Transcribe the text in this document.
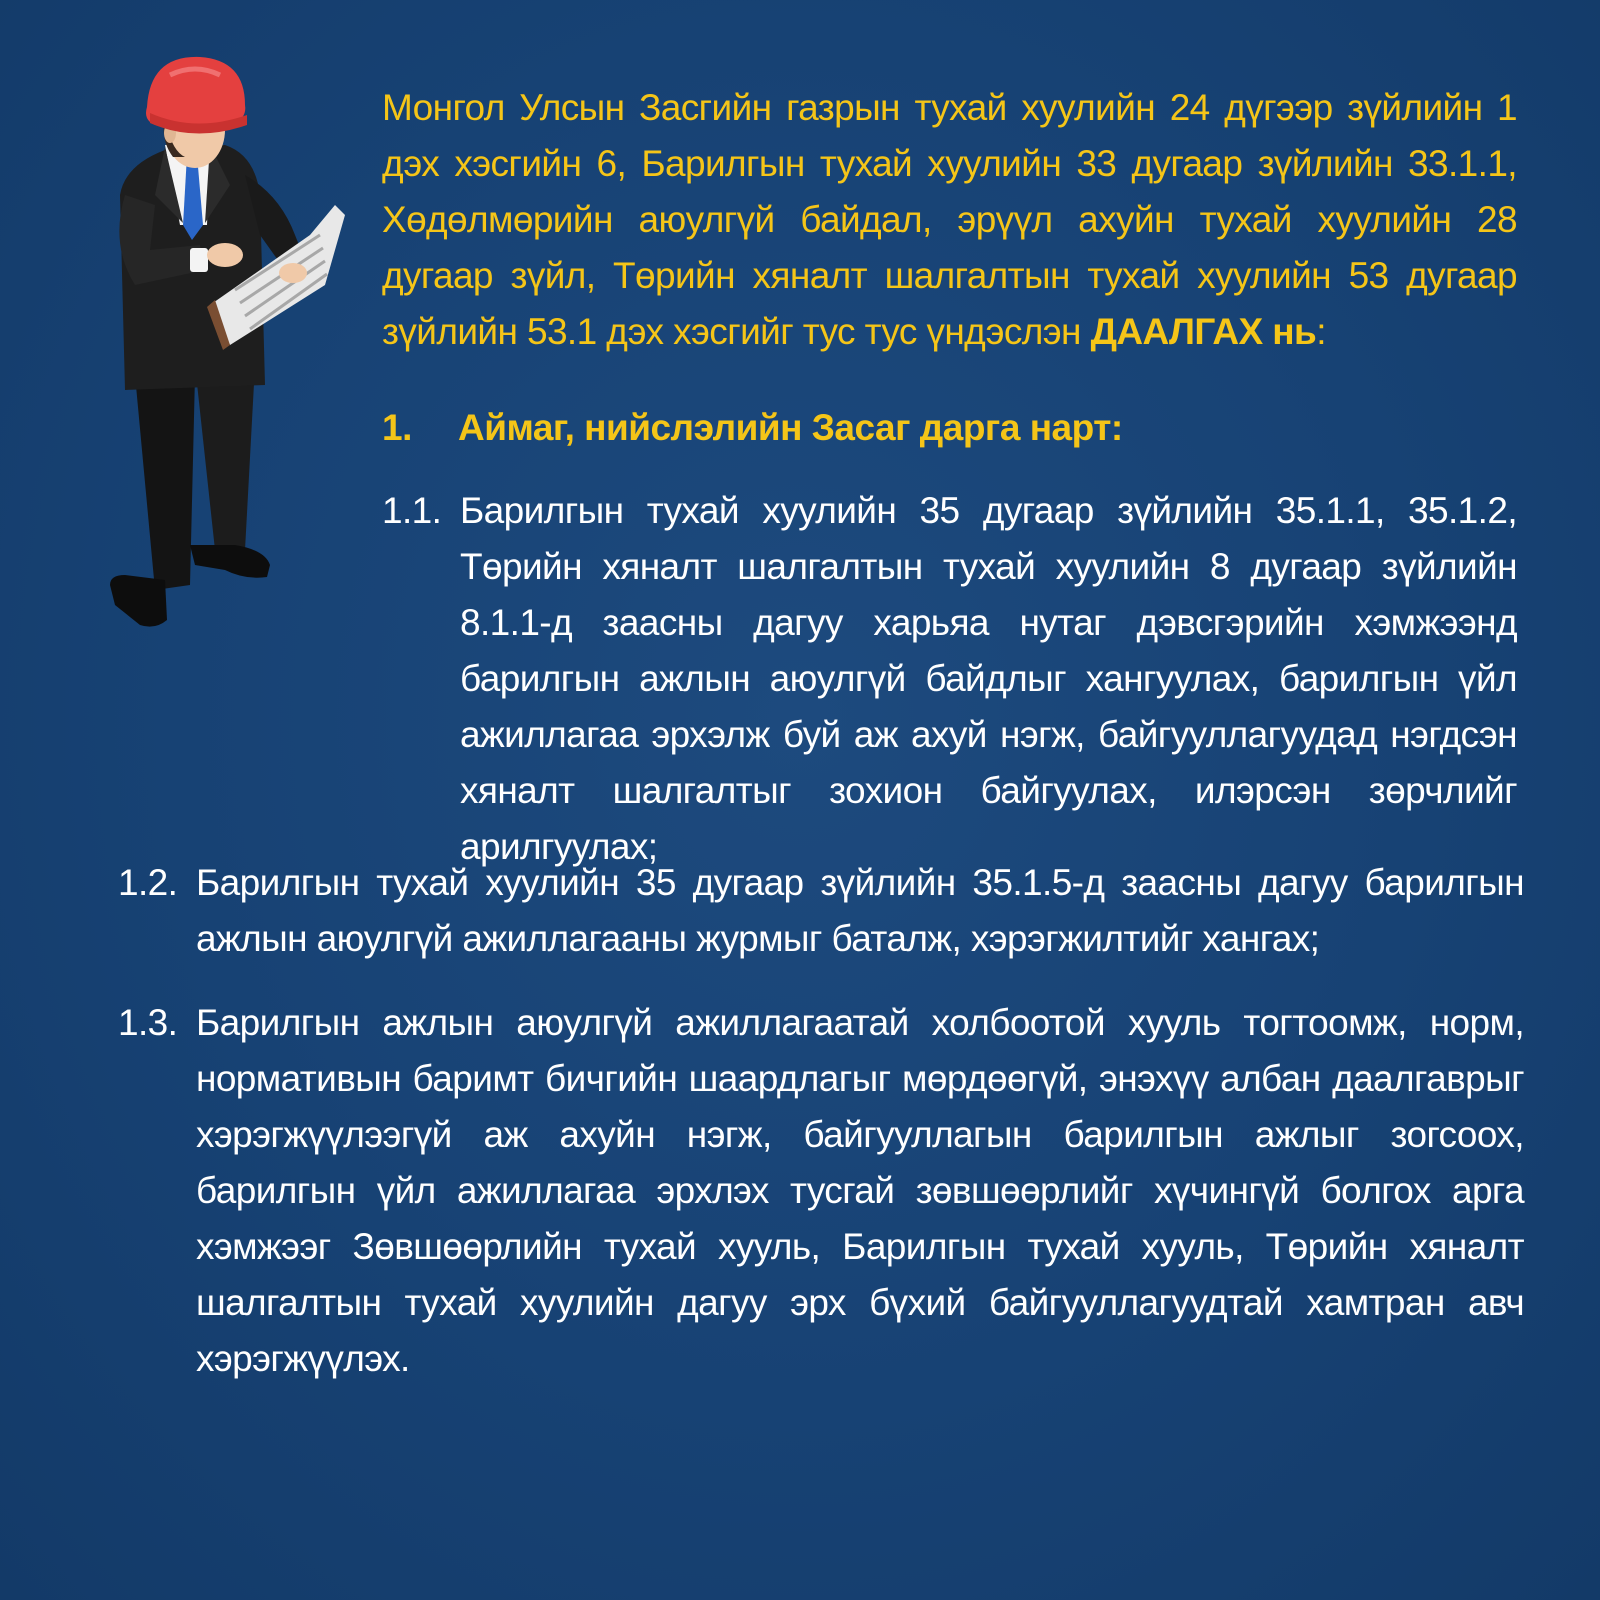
Монгол Улсын Засгийн газрын тухай хуулийн 24 дүгээр зүйлийн 1 дэх хэсгийн 6, Барилгын тухай хуулийн 33 дугаар зүйлийн 33.1.1, Хөдөлмөрийн аюулгүй байдал, эрүүл ахуйн тухай хуулийн 28 дугаар зүйл, Төрийн хяналт шалгалтын тухай хуулийн 53 дугаар зүйлийн 53.1 дэх хэсгийг тус тус үндэслэн ДААЛГАХ нь:
1. Аймаг, нийслэлийн Засаг дарга нарт:
1.1. Барилгын тухай хуулийн 35 дугаар зүйлийн 35.1.1, 35.1.2, Төрийн хяналт шалгалтын тухай хуулийн 8 дугаар зүйлийн 8.1.1-д заасны дагуу харьяа нутаг дэвсгэрийн хэмжээнд барилгын ажлын аюулгүй байдлыг хангуулах, барилгын үйл ажиллагаа эрхэлж буй аж ахуй нэгж, байгууллагуудад нэгдсэн хяналт шалгалтыг зохион байгуулах, илэрсэн зөрчлийг арилгуулах;
1.2. Барилгын тухай хуулийн 35 дугаар зүйлийн 35.1.5-д заасны дагуу барилгын ажлын аюулгүй ажиллагааны журмыг баталж, хэрэгжилтийг хангах;
1.3. Барилгын ажлын аюулгүй ажиллагаатай холбоотой хууль тогтоомж, норм, нормативын баримт бичгийн шаардлагыг мөрдөөгүй, энэхүү албан даалгаврыг хэрэгжүүлээгүй аж ахуйн нэгж, байгууллагын барилгын ажлыг зогсоох, барилгын үйл ажиллагаа эрхлэх тусгай зөвшөөрлийг хүчингүй болгох арга хэмжээг Зөвшөөрлийн тухай хууль, Барилгын тухай хууль, Төрийн хяналт шалгалтын тухай хуулийн дагуу эрх бүхий байгууллагуудтай хамтран авч хэрэгжүүлэх.
